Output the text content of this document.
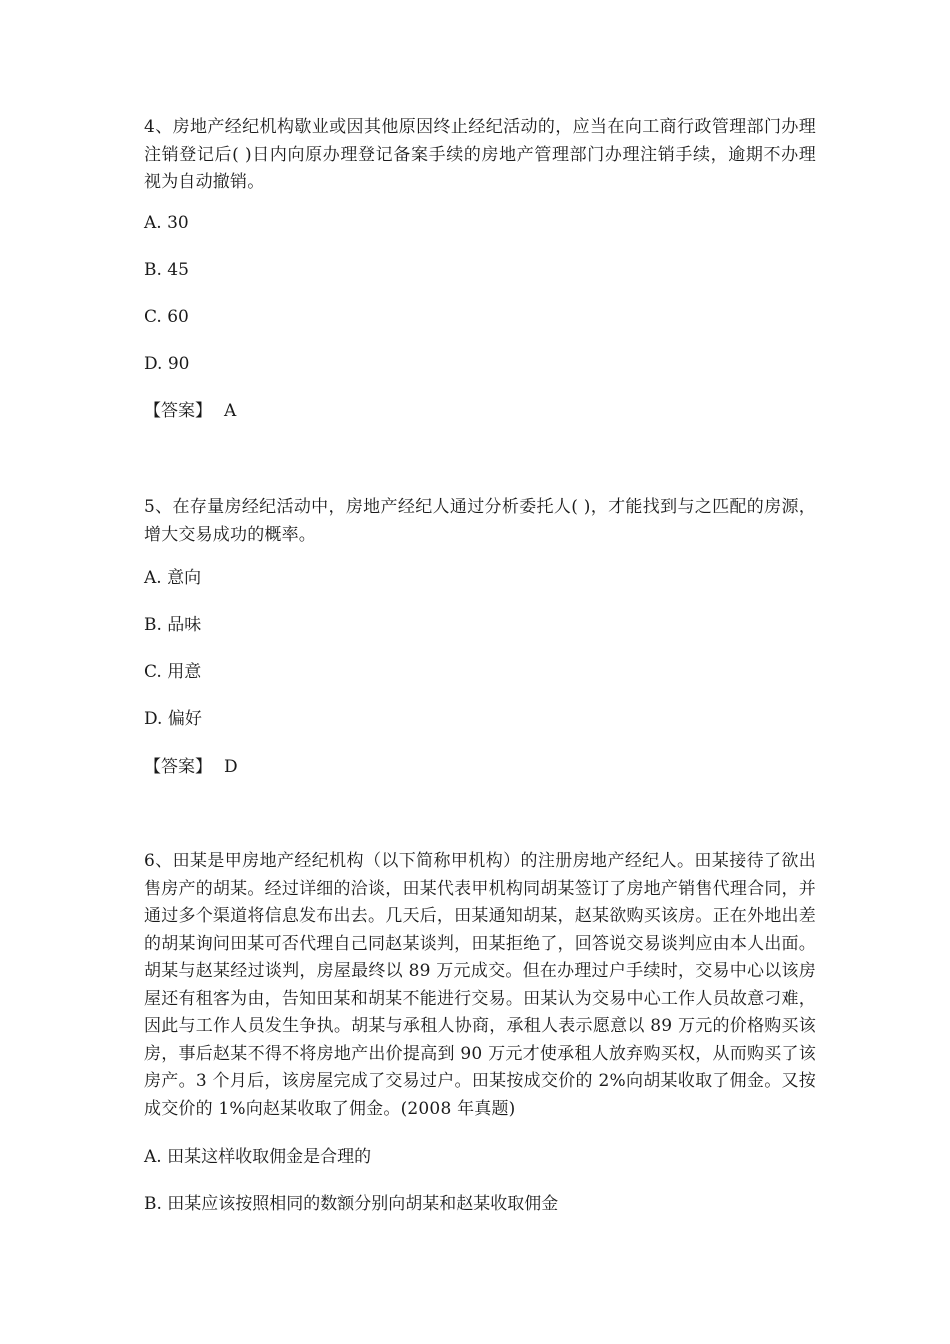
4、房地产经纪机构歇业或因其他原因终止经纪活动的，应当在向工商行政管理部门办理注销登记后( )日内向原办理登记备案手续的房地产管理部门办理注销手续，逾期不办理视为自动撤销。

A. 30

B. 45

C. 60

D. 90

【答案】 A

5、在存量房经纪活动中，房地产经纪人通过分析委托人( )，才能找到与之匹配的房源，增大交易成功的概率。

A. 意向

B. 品味

C. 用意

D. 偏好

【答案】 D

6、田某是甲房地产经纪机构（以下简称甲机构）的注册房地产经纪人。田某接待了欲出售房产的胡某。经过详细的洽谈，田某代表甲机构同胡某签订了房地产销售代理合同，并通过多个渠道将信息发布出去。几天后，田某通知胡某，赵某欲购买该房。正在外地出差的胡某询问田某可否代理自己同赵某谈判，田某拒绝了，回答说交易谈判应由本人出面。胡某与赵某经过谈判，房屋最终以 89 万元成交。但在办理过户手续时，交易中心以该房屋还有租客为由，告知田某和胡某不能进行交易。田某认为交易中心工作人员故意刁难，因此与工作人员发生争执。胡某与承租人协商，承租人表示愿意以 89 万元的价格购买该房，事后赵某不得不将房地产出价提高到 90 万元才使承租人放弃购买权，从而购买了该房产。3 个月后，该房屋完成了交易过户。田某按成交价的 2%向胡某收取了佣金。又按成交价的 1%向赵某收取了佣金。(2008 年真题)

A. 田某这样收取佣金是合理的

B. 田某应该按照相同的数额分别向胡某和赵某收取佣金
